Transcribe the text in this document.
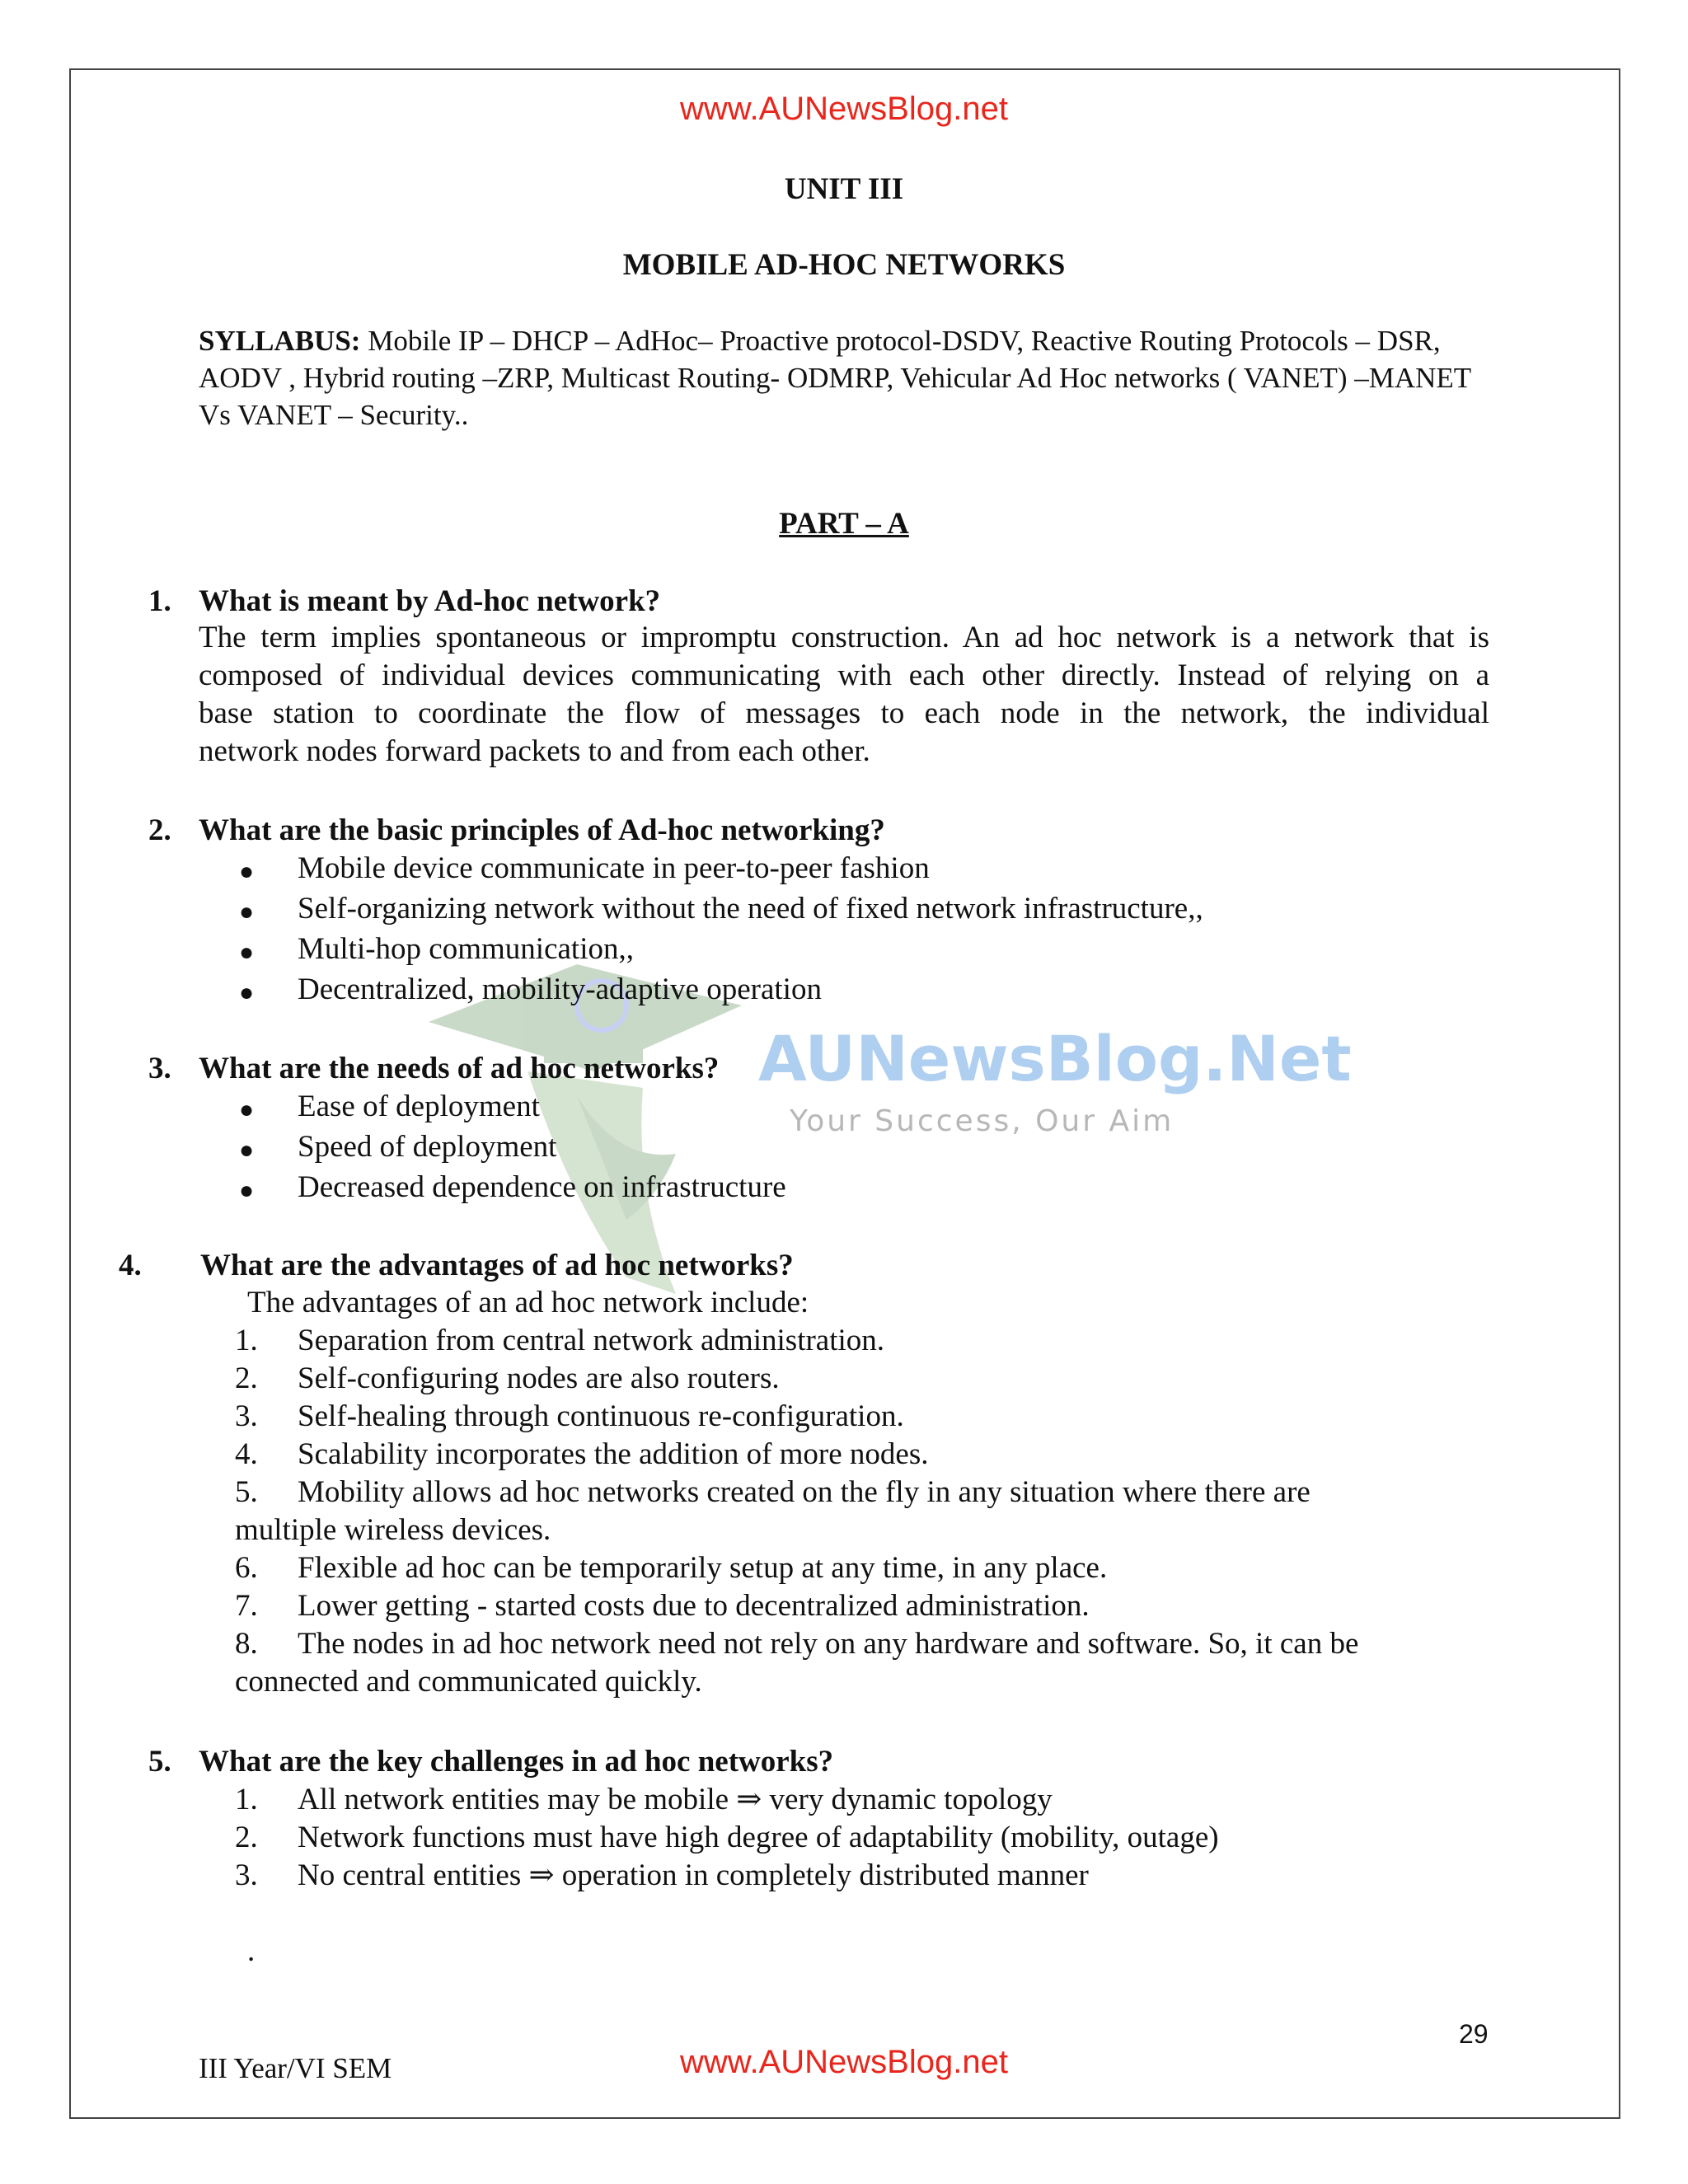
www.AUNewsBlog.net
UNIT III
MOBILE AD-HOC NETWORKS
SYLLABUS: Mobile IP – DHCP – AdHoc– Proactive protocol-DSDV, Reactive Routing Protocols – DSR,
AODV , Hybrid routing –ZRP, Multicast Routing- ODMRP, Vehicular Ad Hoc networks ( VANET) –MANET
Vs VANET – Security..
PART – A
AUNewsBlog.Net
Your Success, Our Aim
1. What is meant by Ad-hoc network?
The term implies spontaneous or impromptu construction. An ad hoc network is a network that is
composed of individual devices communicating with each other directly. Instead of relying on a
base station to coordinate the flow of messages to each node in the network, the individual
network nodes forward packets to and from each other.
2. What are the basic principles of Ad-hoc networking?
● Mobile device communicate in peer-to-peer fashion
● Self-organizing network without the need of fixed network infrastructure,,
● Multi-hop communication,,
● Decentralized, mobility-adaptive operation
3. What are the needs of ad hoc networks?
● Ease of deployment
● Speed of deployment
● Decreased dependence on infrastructure
4. What are the advantages of ad hoc networks?
The advantages of an ad hoc network include:
1. Separation from central network administration.
2. Self-configuring nodes are also routers.
3. Self-healing through continuous re-configuration.
4. Scalability incorporates the addition of more nodes.
5. Mobility allows ad hoc networks created on the fly in any situation where there are
multiple wireless devices.
6. Flexible ad hoc can be temporarily setup at any time, in any place.
7. Lower getting - started costs due to decentralized administration.
8. The nodes in ad hoc network need not rely on any hardware and software. So, it can be
connected and communicated quickly.
5. What are the key challenges in ad hoc networks?
1. All network entities may be mobile ⇒ very dynamic topology
2. Network functions must have high degree of adaptability (mobility, outage)
3. No central entities ⇒ operation in completely distributed manner
.
29
III Year/VI SEM	www.AUNewsBlog.net
